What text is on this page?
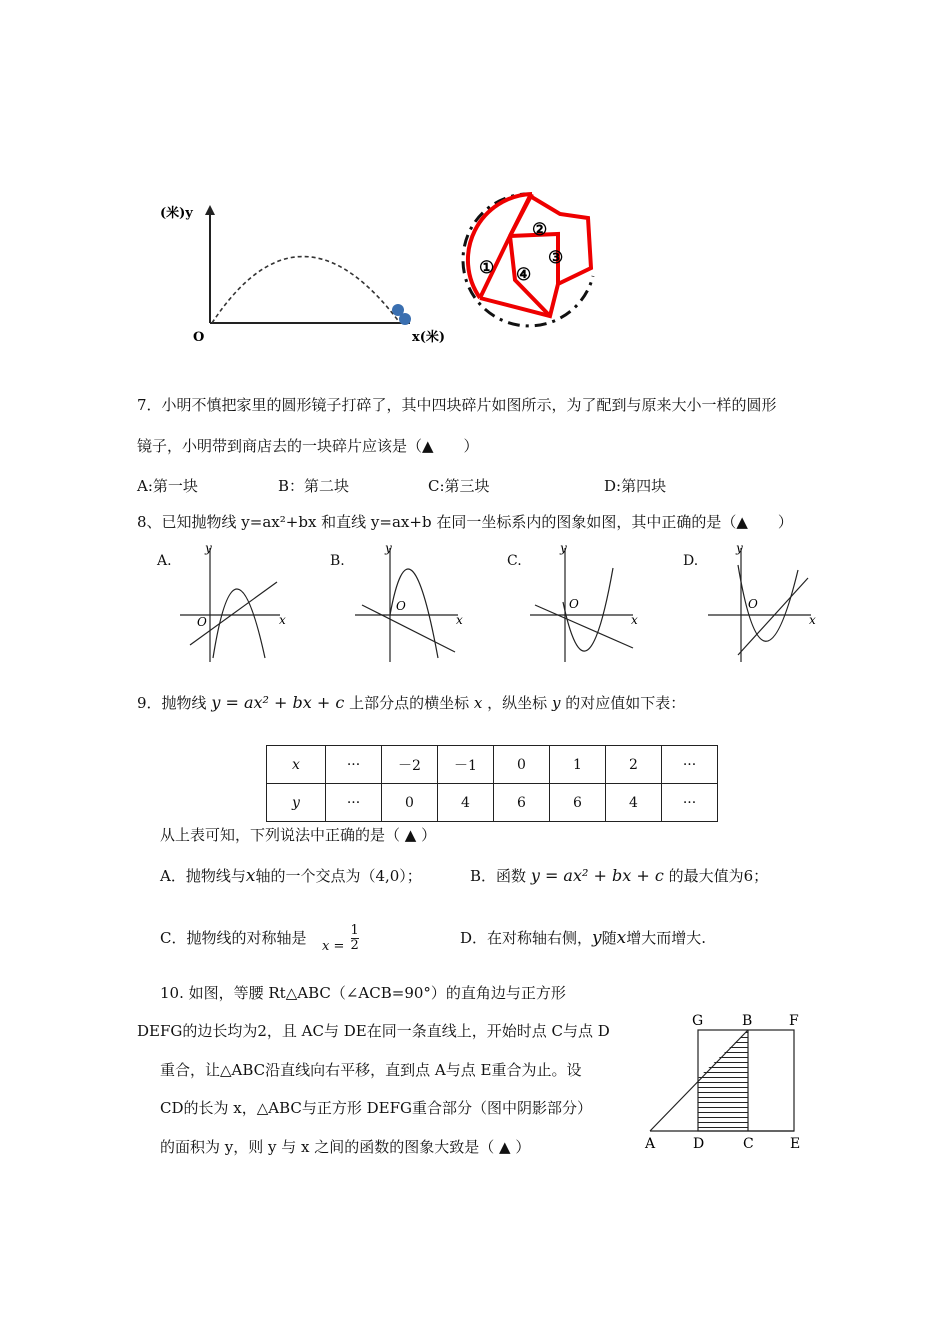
(米)y
O	x(米)
①
②
③
④
7．小明不慎把家里的圆形镜子打碎了，其中四块碎片如图所示，为了配到与原来大小一样的圆形
镜子，小明带到商店去的一块碎片应该是（▲　　）
A:第一块	B：第二块	C:第三块	D:第四块
8、已知抛物线 y=ax²+bx 和直线 y=ax+b 在同一坐标系内的图象如图，其中正确的是（▲　　）
A.
y
x
O
B.
y
x
O
C.
y
x
O
D.
y
x
O
9．抛物线 y = ax² + bx + c 上部分点的横坐标 x ，纵坐标 y 的对应值如下表：
x	···	－2	－1	0	1	2	···
y	···	0	4	6	6	4	···
从上表可知，下列说法中正确的是（ ▲ ）
A．抛物线与x轴的一个交点为（4,0）；	B．函数 y = ax² + bx + c 的最大值为6；
C．抛物线的对称轴是 $x = \frac{1}{2}$	D．在对称轴右侧，y随x增大而增大.
10. 如图，等腰 Rt△ABC（∠ACB=90°）的直角边与正方形
DEFG的边长均为2，且 AC与 DE在同一条直线上，开始时点 C与点 D
重合，让△ABC沿直线向右平移，直到点 A与点 E重合为止。设
CD的长为 x，△ABC与正方形 DEFG重合部分（图中阴影部分）
的面积为 y，则 y 与 x 之间的函数的图象大致是（ ▲ ）
G	B	F
A	D	C	E
